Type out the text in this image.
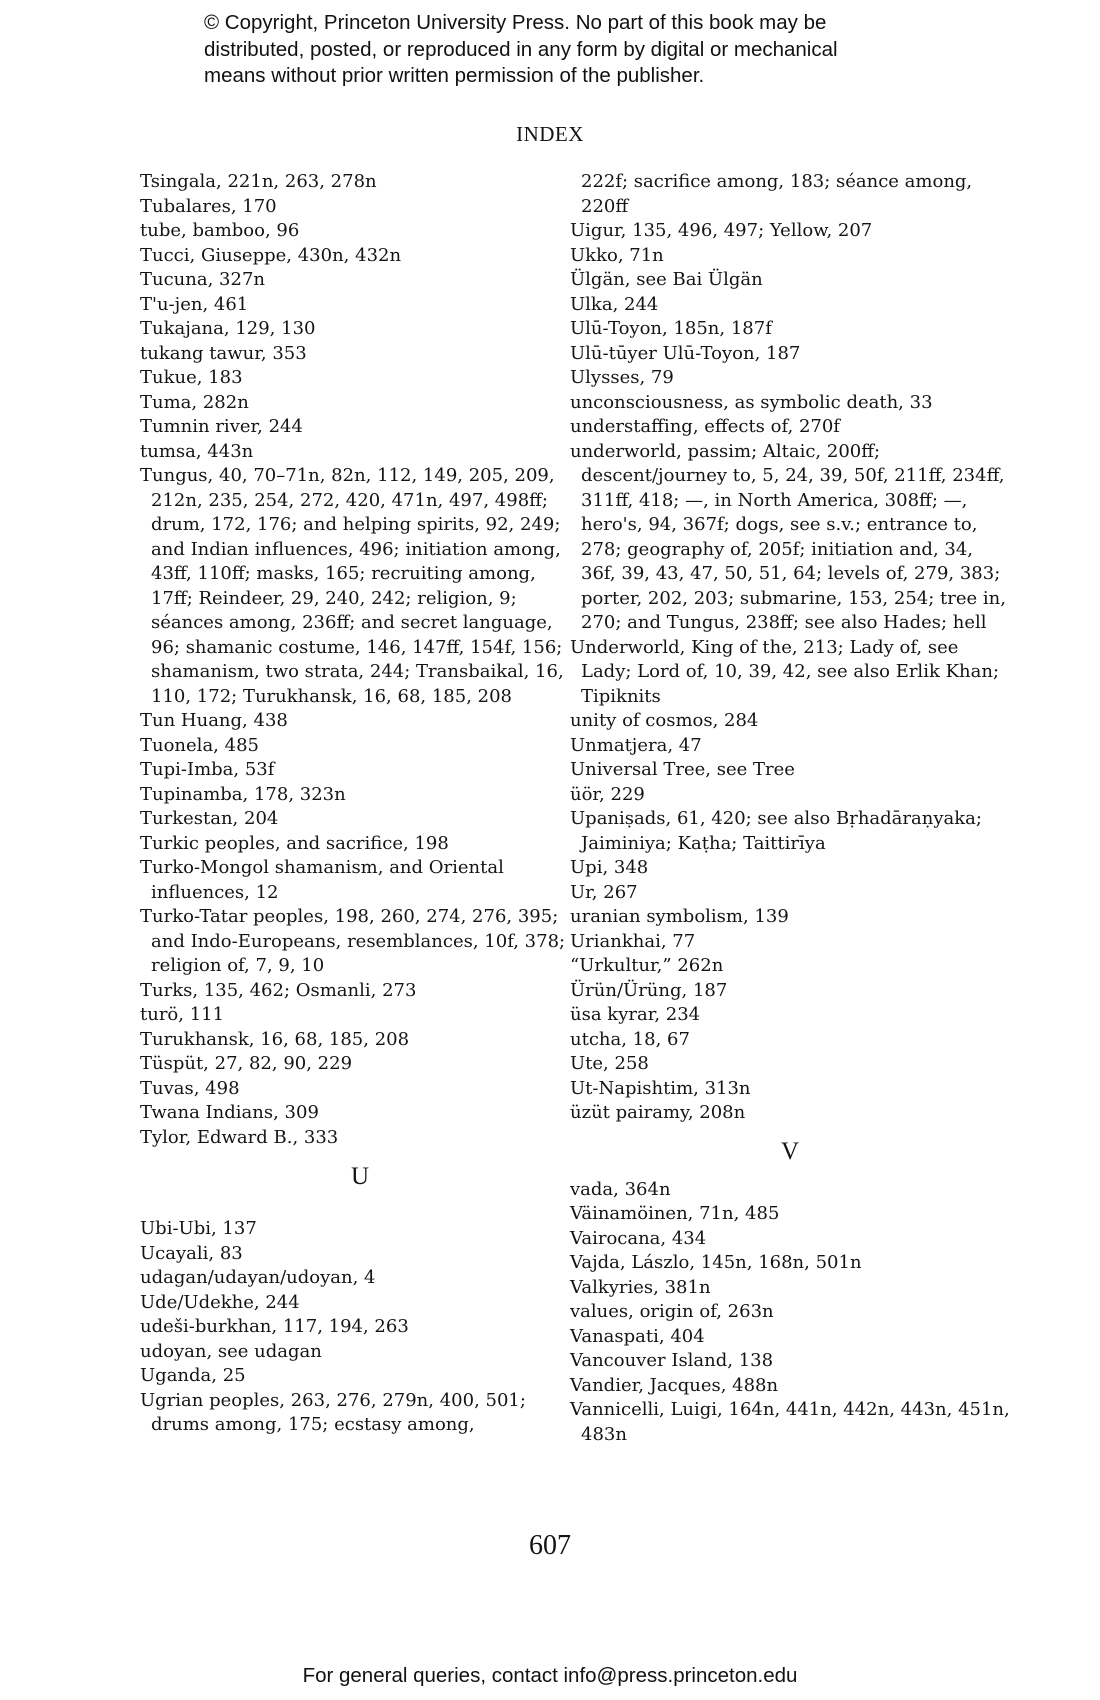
© Copyright, Princeton University Press. No part of this book may be
distributed, posted, or reproduced in any form by digital or mechanical
means without prior written permission of the publisher.
INDEX
Tsingala, 221n, 263, 278n
Tubalares, 170
tube, bamboo, 96
Tucci, Giuseppe, 430n, 432n
Tucuna, 327n
T'u-jen, 461
Tukajana, 129, 130
tukang tawur, 353
Tukue, 183
Tuma, 282n
Tumnin river, 244
tumsa, 443n
Tungus, 40, 70–71n, 82n, 112, 149, 205, 209, 212n, 235, 254, 272, 420, 471n, 497, 498ff; drum, 172, 176; and helping spirits, 92, 249; and Indian influences, 496; initiation among, 43ff, 110ff; masks, 165; recruiting among, 17ff; Reindeer, 29, 240, 242; religion, 9; séances among, 236ff; and secret language, 96; shamanic costume, 146, 147ff, 154f, 156; shamanism, two strata, 244; Transbaikal, 16, 110, 172; Turukhansk, 16, 68, 185, 208
Tun Huang, 438
Tuonela, 485
Tupi-Imba, 53f
Tupinamba, 178, 323n
Turkestan, 204
Turkic peoples, and sacrifice, 198
Turko-Mongol shamanism, and Oriental influences, 12
Turko-Tatar peoples, 198, 260, 274, 276, 395; and Indo-Europeans, resemblances, 10f, 378; religion of, 7, 9, 10
Turks, 135, 462; Osmanli, 273
turö, 111
Turukhansk, 16, 68, 185, 208
Tüspüt, 27, 82, 90, 229
Tuvas, 498
Twana Indians, 309
Tylor, Edward B., 333
U
Ubi-Ubi, 137
Ucayali, 83
udagan/udayan/udoyan, 4
Ude/Udekhe, 244
udeši-burkhan, 117, 194, 263
udoyan, see udagan
Uganda, 25
Ugrian peoples, 263, 276, 279n, 400, 501; drums among, 175; ecstasy among,
222f; sacrifice among, 183; séance among, 220ff
Uigur, 135, 496, 497; Yellow, 207
Ukko, 71n
Ülgän, see Bai Ülgän
Ulka, 244
Ulū-Toyon, 185n, 187f
Ulū-tūyer Ulū-Toyon, 187
Ulysses, 79
unconsciousness, as symbolic death, 33
understaffing, effects of, 270f
underworld, passim; Altaic, 200ff; descent/journey to, 5, 24, 39, 50f, 211ff, 234ff, 311ff, 418; —, in North America, 308ff; —, hero's, 94, 367f; dogs, see s.v.; entrance to, 278; geography of, 205f; initiation and, 34, 36f, 39, 43, 47, 50, 51, 64; levels of, 279, 383; porter, 202, 203; submarine, 153, 254; tree in, 270; and Tungus, 238ff; see also Hades; hell
Underworld, King of the, 213; Lady of, see Lady; Lord of, 10, 39, 42, see also Erlik Khan; Tipiknits
unity of cosmos, 284
Unmatjera, 47
Universal Tree, see Tree
üör, 229
Upaniṣads, 61, 420; see also Bṛhadāraṇyaka; Jaiminiya; Kaṭha; Taittirīya
Upi, 348
Ur, 267
uranian symbolism, 139
Uriankhai, 77
“Urkultur,” 262n
Ürün/Ürüng, 187
üsa kyrar, 234
utcha, 18, 67
Ute, 258
Ut-Napishtim, 313n
üzüt pairamy, 208n
V
vada, 364n
Väinamöinen, 71n, 485
Vairocana, 434
Vajda, Lászlo, 145n, 168n, 501n
Valkyries, 381n
values, origin of, 263n
Vanaspati, 404
Vancouver Island, 138
Vandier, Jacques, 488n
Vannicelli, Luigi, 164n, 441n, 442n, 443n, 451n, 483n
607
For general queries, contact info@press.princeton.edu
